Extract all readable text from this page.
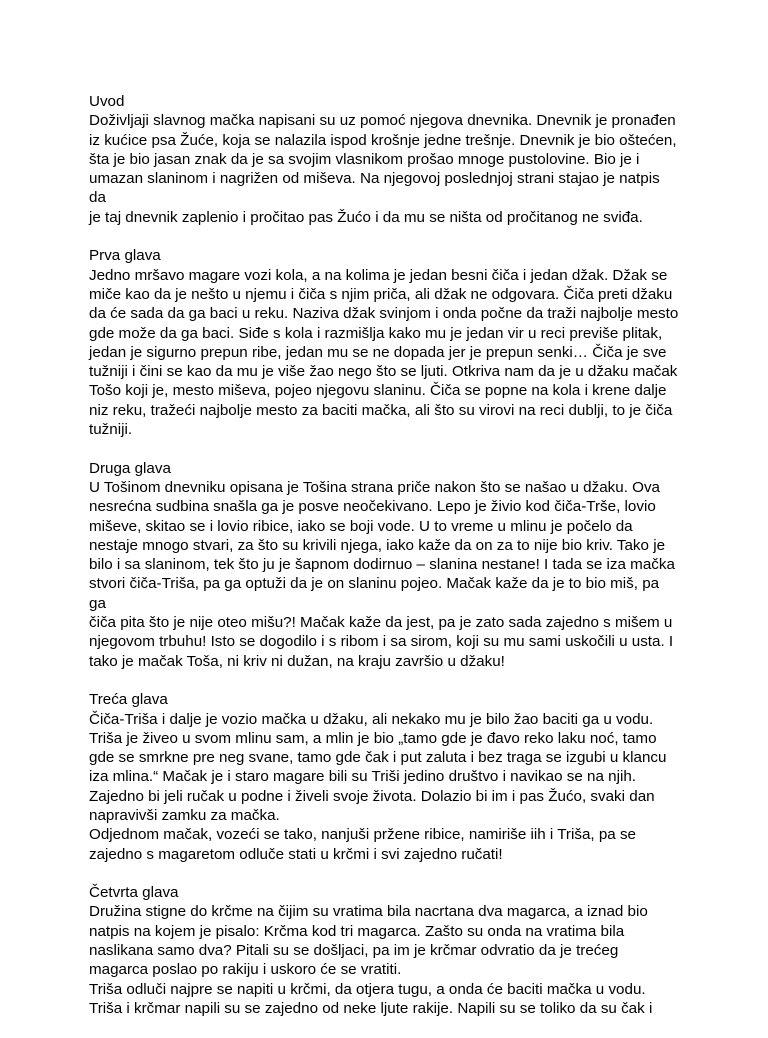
Uvod
Doživljaji slavnog mačka napisani su uz pomoć njegova dnevnika. Dnevnik je pronađen
iz kućice psa Žuće, koja se nalazila ispod krošnje jedne trešnje. Dnevnik je bio oštećen,
šta je bio jasan znak da je sa svojim vlasnikom prošao mnoge pustolovine. Bio je i
umazan slaninom i nagrižen od miševa. Na njegovoj poslednjoj strani stajao je natpis da
je taj dnevnik zaplenio i pročitao pas Žućo i da mu se ništa od pročitanog ne sviđa.
Prva glava
Jedno mršavo magare vozi kola, a na kolima je jedan besni čiča i jedan džak. Džak se
miče kao da je nešto u njemu i čiča s njim priča, ali džak ne odgovara. Čiča preti džaku
da će sada da ga baci u reku. Naziva džak svinjom i onda počne da traži najbolje mesto
gde može da ga baci. Siđe s kola i razmišlja kako mu je jedan vir u reci previše plitak,
jedan je sigurno prepun ribe, jedan mu se ne dopada jer je prepun senki… Čiča je sve
tužniji i čini se kao da mu je više žao nego što se ljuti. Otkriva nam da je u džaku mačak
Tošo koji je, mesto miševa, pojeo njegovu slaninu. Čiča se popne na kola i krene dalje
niz reku, tražeći najbolje mesto za baciti mačka, ali što su virovi na reci dublji, to je čiča
tužniji.
Druga glava
U Tošinom dnevniku opisana je Tošina strana priče nakon što se našao u džaku. Ova
nesrećna sudbina snašla ga je posve neočekivano. Lepo je živio kod čiča-Trše, lovio
miševe, skitao se i lovio ribice, iako se boji vode. U to vreme u mlinu je počelo da
nestaje mnogo stvari, za što su krivili njega, iako kaže da on za to nije bio kriv. Tako je
bilo i sa slaninom, tek što ju je šapnom dodirnuo – slanina nestane! I tada se iza mačka
stvori čiča-Triša, pa ga optuži da je on slaninu pojeo. Mačak kaže da je to bio miš, pa ga
čiča pita što je nije oteo mišu?! Mačak kaže da jest, pa je zato sada zajedno s mišem u
njegovom trbuhu! Isto se dogodilo i s ribom i sa sirom, koji su mu sami uskočili u usta. I
tako je mačak Toša, ni kriv ni dužan, na kraju završio u džaku!
Treća glava
Čiča-Triša i dalje je vozio mačka u džaku, ali nekako mu je bilo žao baciti ga u vodu.
Triša je živeo u svom mlinu sam, a mlin je bio „tamo gde je đavo reko laku noć, tamo
gde se smrkne pre neg svane, tamo gde čak i put zaluta i bez traga se izgubi u klancu
iza mlina.“ Mačak je i staro magare bili su Triši jedino društvo i navikao se na njih.
Zajedno bi jeli ručak u podne i živeli svoje života. Dolazio bi im i pas Žućo, svaki dan
napravivši zamku za mačka.
Odjednom mačak, vozeći se tako, nanjuši pržene ribice, namiriše iih i Triša, pa se
zajedno s magaretom odluče stati u krčmi i svi zajedno ručati!
Četvrta glava
Družina stigne do krčme na čijim su vratima bila nacrtana dva magarca, a iznad bio
natpis na kojem je pisalo: Krčma kod tri magarca. Zašto su onda na vratima bila
naslikana samo dva? Pitali su se došljaci, pa im je krčmar odvratio da je trećeg
magarca poslao po rakiju i uskoro će se vratiti.
Triša odluči najpre se napiti u krčmi, da otjera tugu, a onda će baciti mačka u vodu.
Triša i krčmar napili su se zajedno od neke ljute rakije. Napili su se toliko da su čak i
